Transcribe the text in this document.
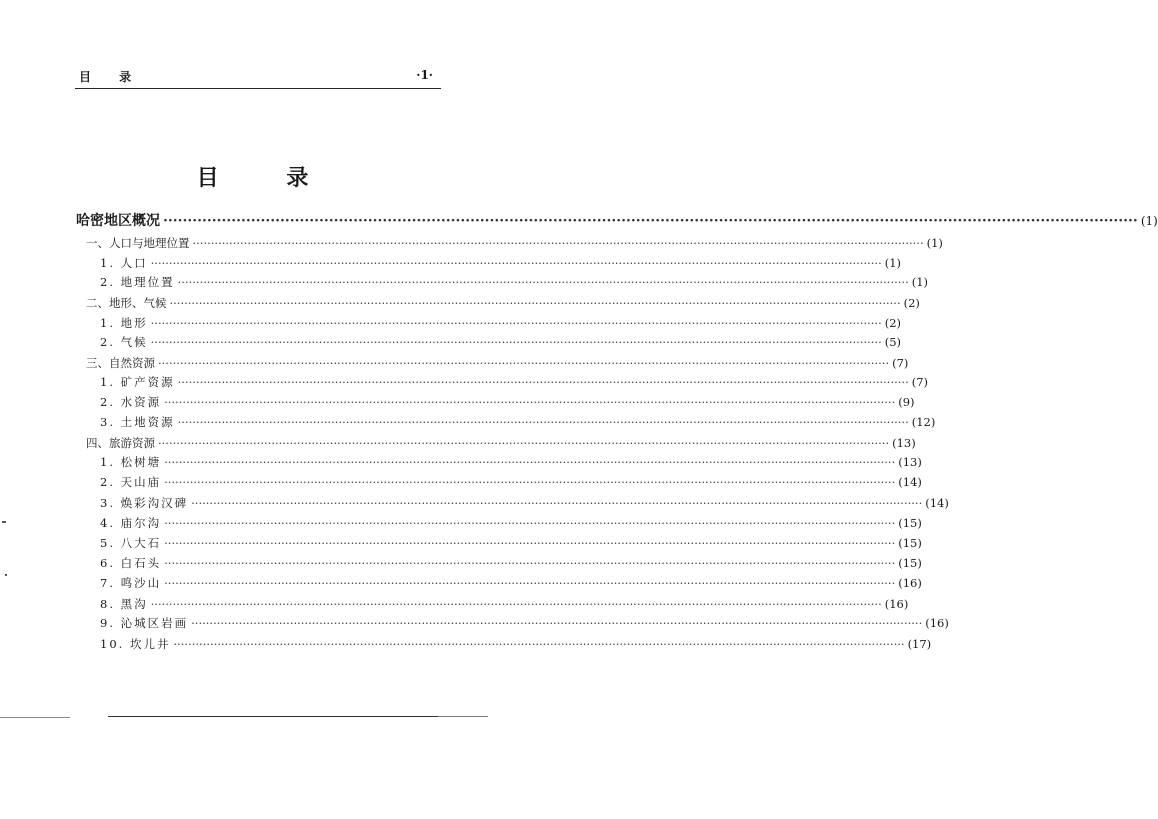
目 录	·1·
目 录
哈密地区概况 ········································································································································································································ (1)
一、人口与地理位置 ········································································································································································································ (1)
1. 人口 ········································································································································································································ (1)
2. 地理位置 ········································································································································································································ (1)
二、地形、气候 ········································································································································································································ (2)
1. 地形 ········································································································································································································ (2)
2. 气候 ········································································································································································································ (5)
三、自然资源 ········································································································································································································ (7)
1. 矿产资源 ········································································································································································································ (7)
2. 水资源 ········································································································································································································ (9)
3. 土地资源 ········································································································································································································ (12)
四、旅游资源 ········································································································································································································ (13)
1. 松树塘 ········································································································································································································ (13)
2. 天山庙 ········································································································································································································ (14)
3. 焕彩沟汉碑 ········································································································································································································ (14)
4. 庙尔沟 ········································································································································································································ (15)
5. 八大石 ········································································································································································································ (15)
6. 白石头 ········································································································································································································ (15)
7. 鸣沙山 ········································································································································································································ (16)
8. 黑沟 ········································································································································································································ (16)
9. 沁城区岩画 ········································································································································································································ (16)
10. 坎儿井 ········································································································································································································ (17)
